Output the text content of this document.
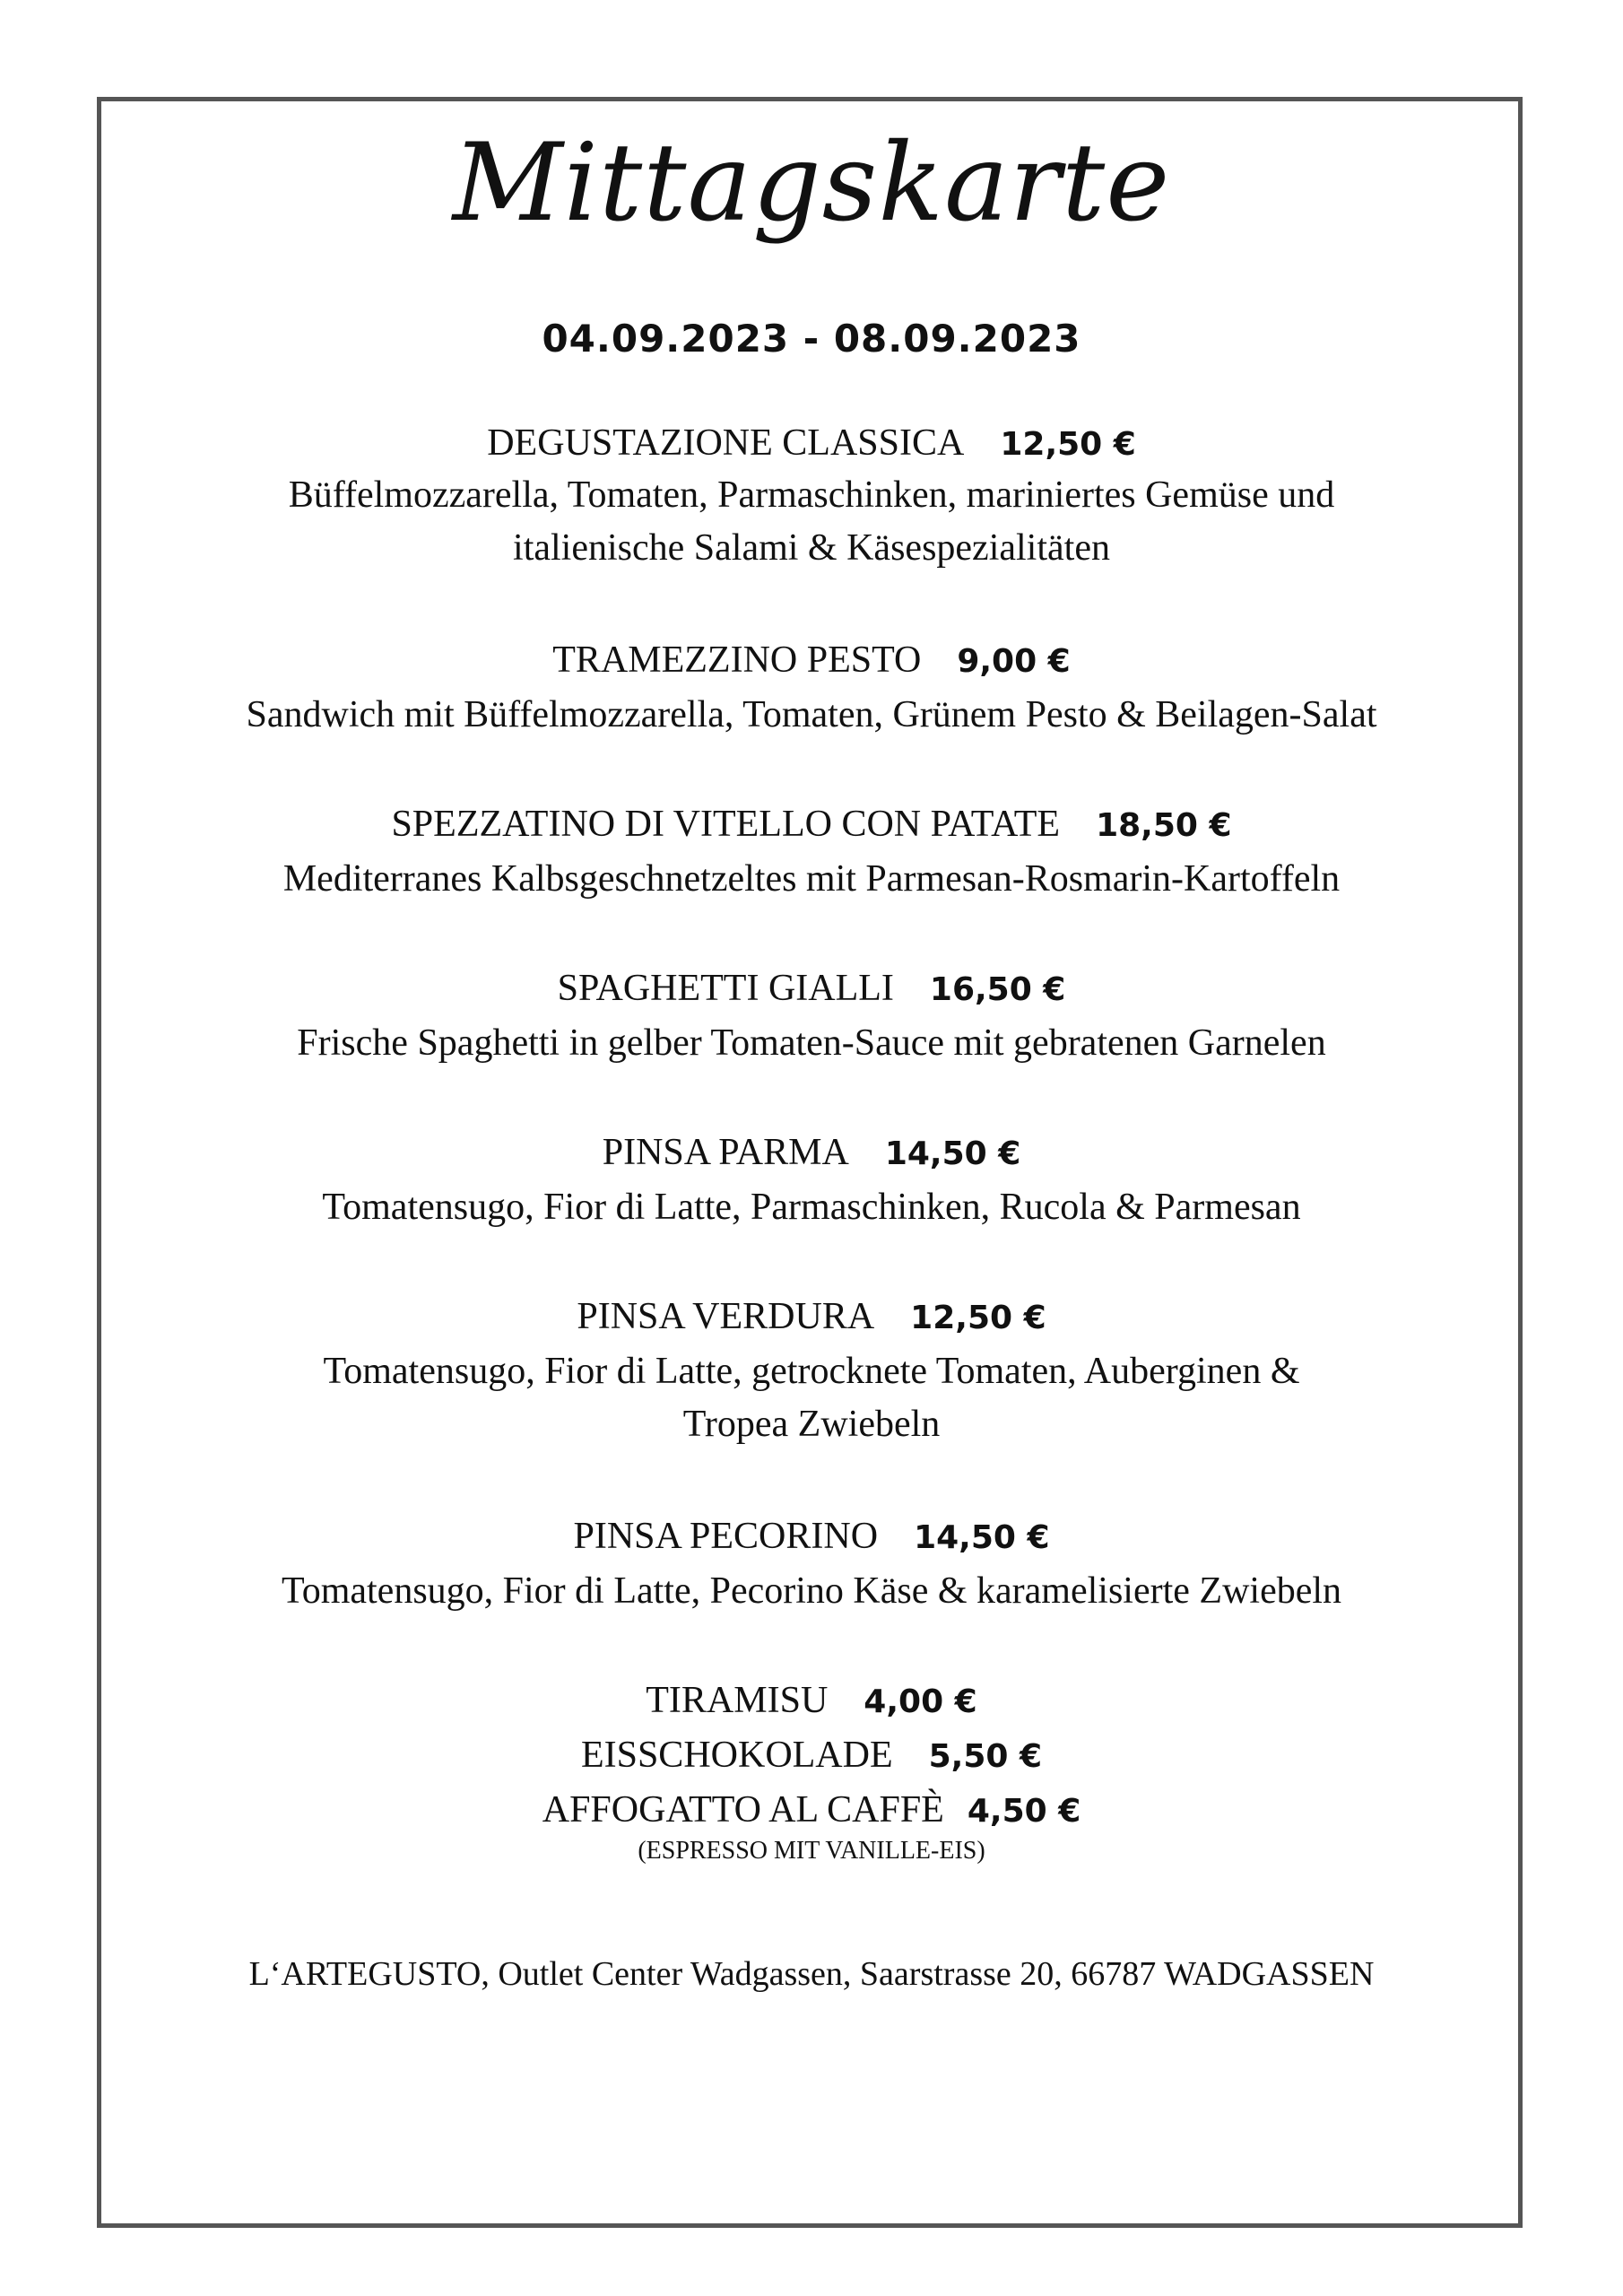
Mittagskarte
04.09.2023 - 08.09.2023
DEGUSTAZIONE CLASSICA 12,50 €
Büffelmozzarella, Tomaten, Parmaschinken, mariniertes Gemüse und
italienische Salami & Käsespezialitäten
TRAMEZZINO PESTO 9,00 €
Sandwich mit Büffelmozzarella, Tomaten, Grünem Pesto & Beilagen-Salat
SPEZZATINO DI VITELLO CON PATATE 18,50 €
Mediterranes Kalbsgeschnetzeltes mit Parmesan-Rosmarin-Kartoffeln
SPAGHETTI GIALLI 16,50 €
Frische Spaghetti in gelber Tomaten-Sauce mit gebratenen Garnelen
PINSA PARMA 14,50 €
Tomatensugo, Fior di Latte, Parmaschinken, Rucola & Parmesan
PINSA VERDURA 12,50 €
Tomatensugo, Fior di Latte, getrocknete Tomaten, Auberginen &
Tropea Zwiebeln
PINSA PECORINO 14,50 €
Tomatensugo, Fior di Latte, Pecorino Käse & karamelisierte Zwiebeln
TIRAMISU 4,00 €
EISSCHOKOLADE 5,50 €
AFFOGATTO AL CAFFÈ 4,50 €
(ESPRESSO MIT VANILLE-EIS)
L‘ARTEGUSTO, Outlet Center Wadgassen, Saarstrasse 20, 66787 WADGASSEN
